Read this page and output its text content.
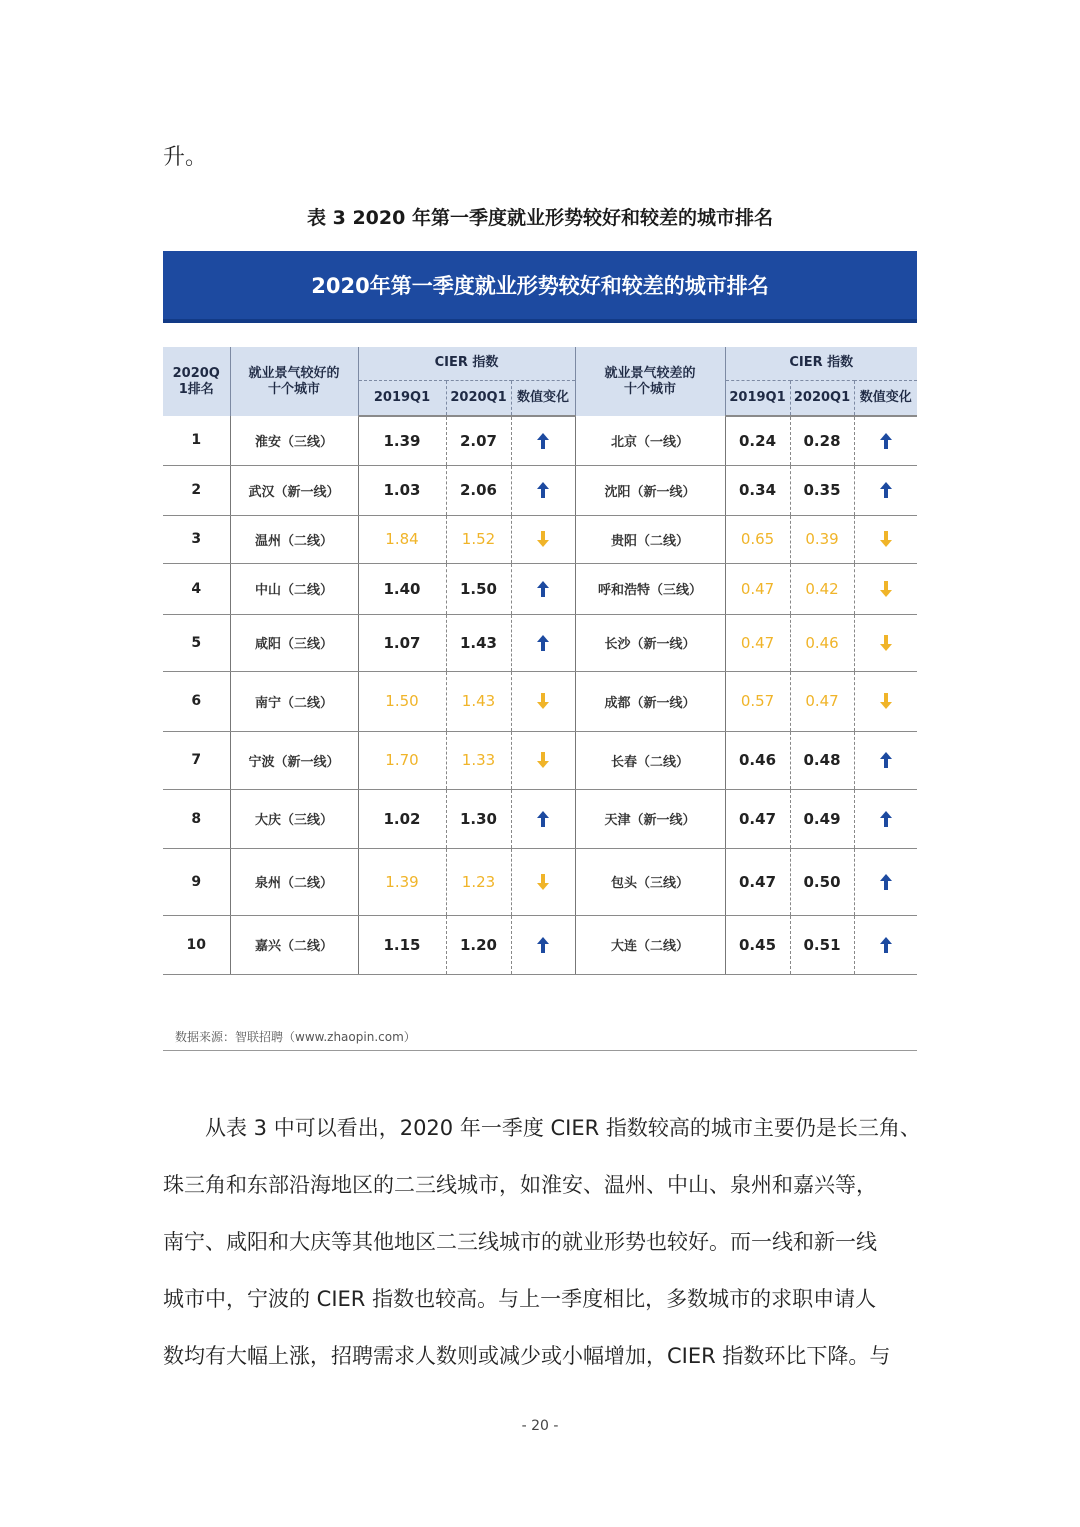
升。
表 3 2020 年第一季度就业形势较好和较差的城市排名
2020年第一季度就业形势较好和较差的城市排名
2020Q1排名	就业景气较好的十个城市	CIER 指数			就业景气较差的十个城市	CIER 指数		
		2019Q1	2020Q1	数值变化		2019Q1	2020Q1	数值变化
1	淮安（三线）	1.39	2.07		北京（一线）	0.24	0.28	

2	武汉（新一线）	1.03	2.06		沈阳（新一线）	0.34	0.35	

3	温州（二线）	1.84	1.52		贵阳（二线）	0.65	0.39	

4	中山（二线）	1.40	1.50		呼和浩特（三线）	0.47	0.42	

5	咸阳（三线）	1.07	1.43		长沙（新一线）	0.47	0.46	

6	南宁（二线）	1.50	1.43		成都（新一线）	0.57	0.47	

7	宁波（新一线）	1.70	1.33		长春（二线）	0.46	0.48	

8	大庆（三线）	1.02	1.30		天津（新一线）	0.47	0.49	

9	泉州（二线）	1.39	1.23		包头（三线）	0.47	0.50	

10	嘉兴（二线）	1.15	1.20		大连（二线）	0.45	0.51	
数据来源：智联招聘（www.zhaopin.com）

从表 3 中可以看出，2020 年一季度 CIER 指数较高的城市主要仍是长三角、

珠三角和东部沿海地区的二三线城市，如淮安、温州、中山、泉州和嘉兴等，

南宁、咸阳和大庆等其他地区二三线城市的就业形势也较好。而一线和新一线

城市中，宁波的 CIER 指数也较高。与上一季度相比，多数城市的求职申请人

数均有大幅上涨，招聘需求人数则或减少或小幅增加，CIER 指数环比下降。与

- 20 -
